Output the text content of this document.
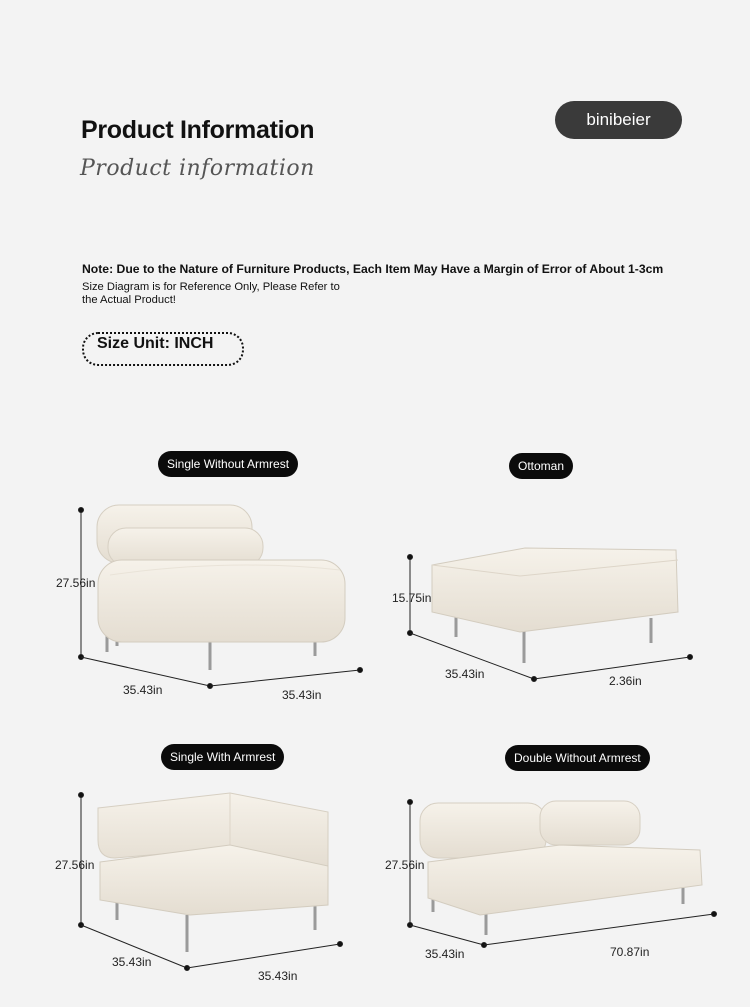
Product Information
Product information
binibeier
Note: Due to the Nature of Furniture Products, Each Item May Have a Margin of Error of About 1-3cm
Size Diagram is for Reference Only, Please Refer to the Actual Product!
Size Unit: INCH
Single Without Armrest	Ottoman
Single With Armrest	Double Without Armrest
27.56in
35.43in	35.43in
15.75in
35.43in	2.36in
27.56in
35.43in
35.43in
27.56in
35.43in	70.87in
